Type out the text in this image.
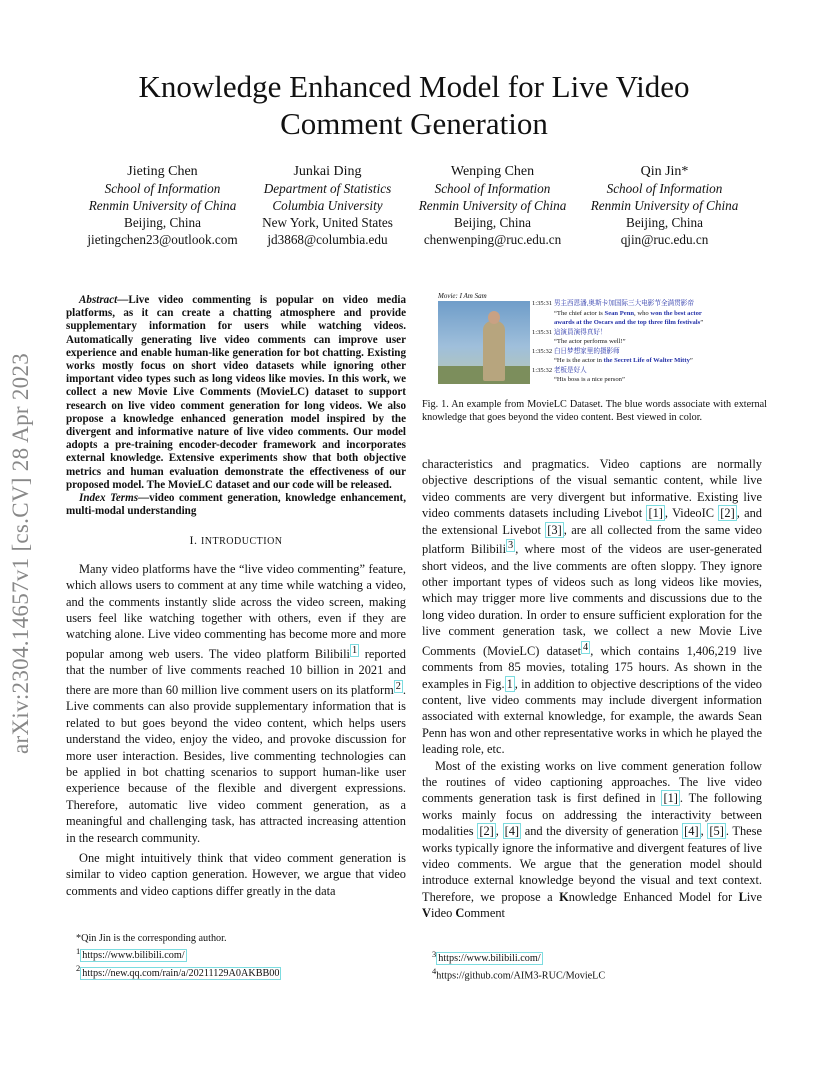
arXiv:2304.14657v1 [cs.CV] 28 Apr 2023
Knowledge Enhanced Model for Live Video
Comment Generation
Jieting Chen
School of Information
Renmin University of China
Beijing, China
jietingchen23@outlook.com
Junkai Ding
Department of Statistics
Columbia University
New York, United States
jd3868@columbia.edu
Wenping Chen
School of Information
Renmin University of China
Beijing, China
chenwenping@ruc.edu.cn
Qin Jin*
School of Information
Renmin University of China
Beijing, China
qjin@ruc.edu.cn

Abstract—Live video commenting is popular on video media platforms, as it can create a chatting atmosphere and provide supplementary information for users while watching videos. Automatically generating live video comments can improve user experience and enable human-like generation for bot chatting. Existing works mostly focus on short video datasets while ignoring other important video types such as long videos like movies. In this work, we collect a new Movie Live Comments (MovieLC) dataset to support research on live video comment generation for long videos. We also propose a knowledge enhanced generation model inspired by the divergent and informative nature of live video comments. Our model adopts a pre-training encoder-decoder framework and incorporates external knowledge. Extensive experiments show that both objective metrics and human evaluation demonstrate the effectiveness of our proposed model. The MovieLC dataset and our code will be released.

Index Terms—video comment generation, knowledge enhancement, multi-modal understanding

I. INTRODUCTION

Many video platforms have the “live video commenting” feature, which allows users to comment at any time while watching a video, and the comments instantly slide across the video screen, making users feel like watching together with others, even if they are watching alone. Live video commenting has become more and more popular among web users. The video platform Bilibili $^1$ reported that the number of live comments reached 10 billion in 2021 and there are more than 60 million live comment users on its platform $^2$ . Live comments can also provide supplementary information that is related to but goes beyond the video content, which helps users understand the video, enjoy the video, and provoke discussion for more user interaction. Besides, live commenting technologies can be applied in bot chatting scenarios to support human-like user experience because of the flexible and divergent expressions. Therefore, automatic live video comment generation, as a meaningful and challenging task, has attracted increasing attention in the research community.

One might intuitively think that video comment generation is similar to video caption generation. However, we argue that video comments and video captions differ greatly in the data

*Qin Jin is the corresponding author.
$^1$ https://www.bilibili.com/
$^2$ https://new.qq.com/rain/a/20211129A0AKBB00
Movie: I Am Sam
1:35:31 男主西恩潘,奥斯卡加国际三大电影节全满贯影帝
“The chief actor is Sean Penn, who won the best actor
awards at the Oscars and the top three film festivals”
1:35:31 這演員演得真好！
“The actor performs well!”
1:35:32 白日梦想家里的摄影师
“He is the actor in the Secret Life of Walter Mitty”
1:35:32 老板是好人
“His boss is a nice person”
Fig. 1. An example from MovieLC Dataset. The blue words associate with external knowledge that goes beyond the video content. Best viewed in color.

characteristics and pragmatics. Video captions are normally objective descriptions of the visual semantic content, while live video comments are very divergent but informative. Existing live video comments datasets including Livebot [1] , VideoIC [2] , and the extensional Livebot [3] , are all collected from the same video platform Bilibili $^3$ , where most of the videos are user-generated short videos, and the live comments are often sloppy. They ignore other important types of videos such as long videos like movies, which may trigger more live comments and discussions due to the long video duration. In order to ensure sufficient exploration for the live comment generation task, we collect a new Movie Live Comments (MovieLC) dataset $^4$ , which contains 1,406,219 live comments from 85 movies, totaling 175 hours. As shown in the examples in Fig. 1 , in addition to objective descriptions of the video content, live video comments may include divergent information associated with external knowledge, for example, the awards Sean Penn has won and other representative works in which he played the leading role, etc.

Most of the existing works on live comment generation follow the routines of video captioning approaches. The live video comments generation task is first defined in [1] . The following works mainly focus on addressing the interactivity between modalities [2] , [4] and the diversity of generation [4] , [5] . These works typically ignore the informative and divergent features of live video comments. We argue that the generation model should introduce external knowledge beyond the visual and text context. Therefore, we propose a Knowledge Enhanced Model for Live Video Comment

$^3$ https://www.bilibili.com/
$^4$https://github.com/AIM3-RUC/MovieLC
